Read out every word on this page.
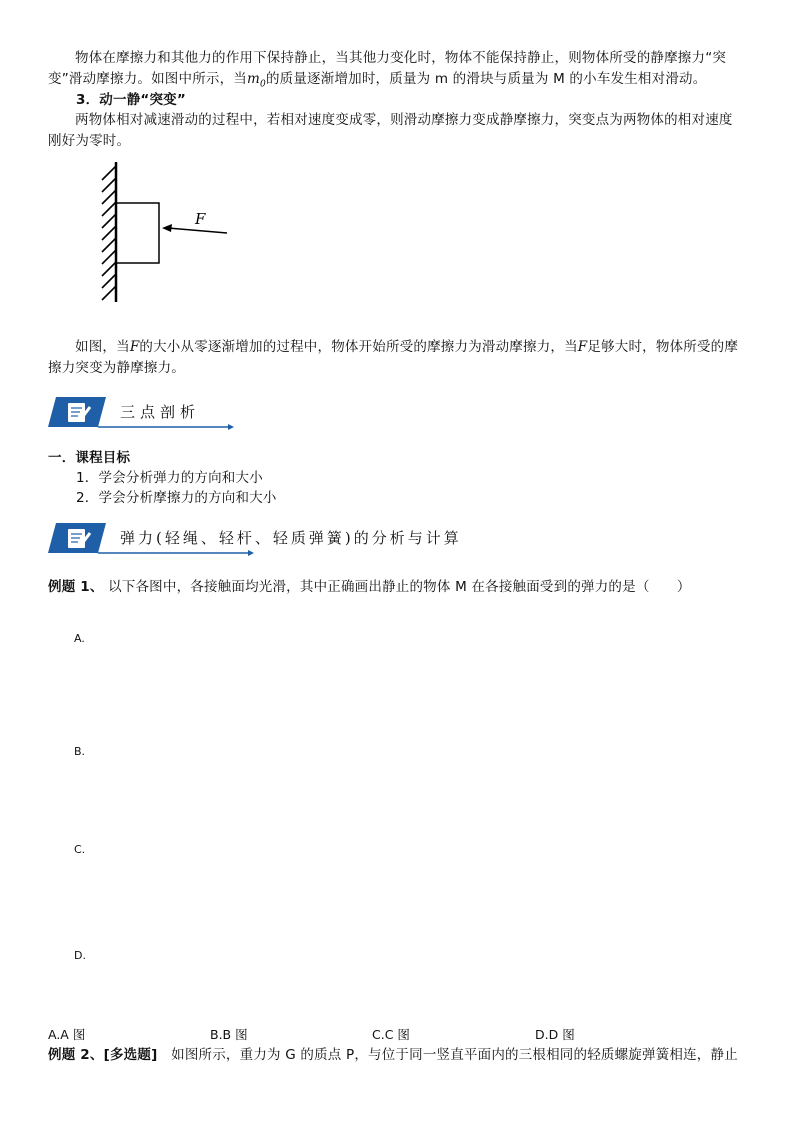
物体在摩擦力和其他力的作用下保持静止，当其他力变化时，物体不能保持静止，则物体所受的静摩擦力“突变”滑动摩擦力。如图中所示，当$m_0$的质量逐渐增加时，质量为 m 的滑块与质量为 M 的小车发生相对滑动。
3．动一静“突变”
两物体相对减速滑动的过程中，若相对速度变成零，则滑动摩擦力变成静摩擦力，突变点为两物体的相对速度刚好为零时。
F
如图，当F的大小从零逐渐增加的过程中，物体开始所受的摩擦力为滑动摩擦力，当F足够大时，物体所受的摩擦力突变为静摩擦力。
三点剖析
一．课程目标
1．学会分析弹力的方向和大小
2．学会分析摩擦力的方向和大小
弹力(轻绳、轻杆、轻质弹簧)的分析与计算
例题 1、 以下各图中，各接触面均光滑，其中正确画出静止的物体 M 在各接触面受到的弹力的是（　　）
A.
B.
C.
D.
A.A 图	B.B 图	C.C 图	D.D 图
例题 2、[多选题]　如图所示，重力为 G 的质点 P，与位于同一竖直平面内的三根相同的轻质螺旋弹簧相连，静止
